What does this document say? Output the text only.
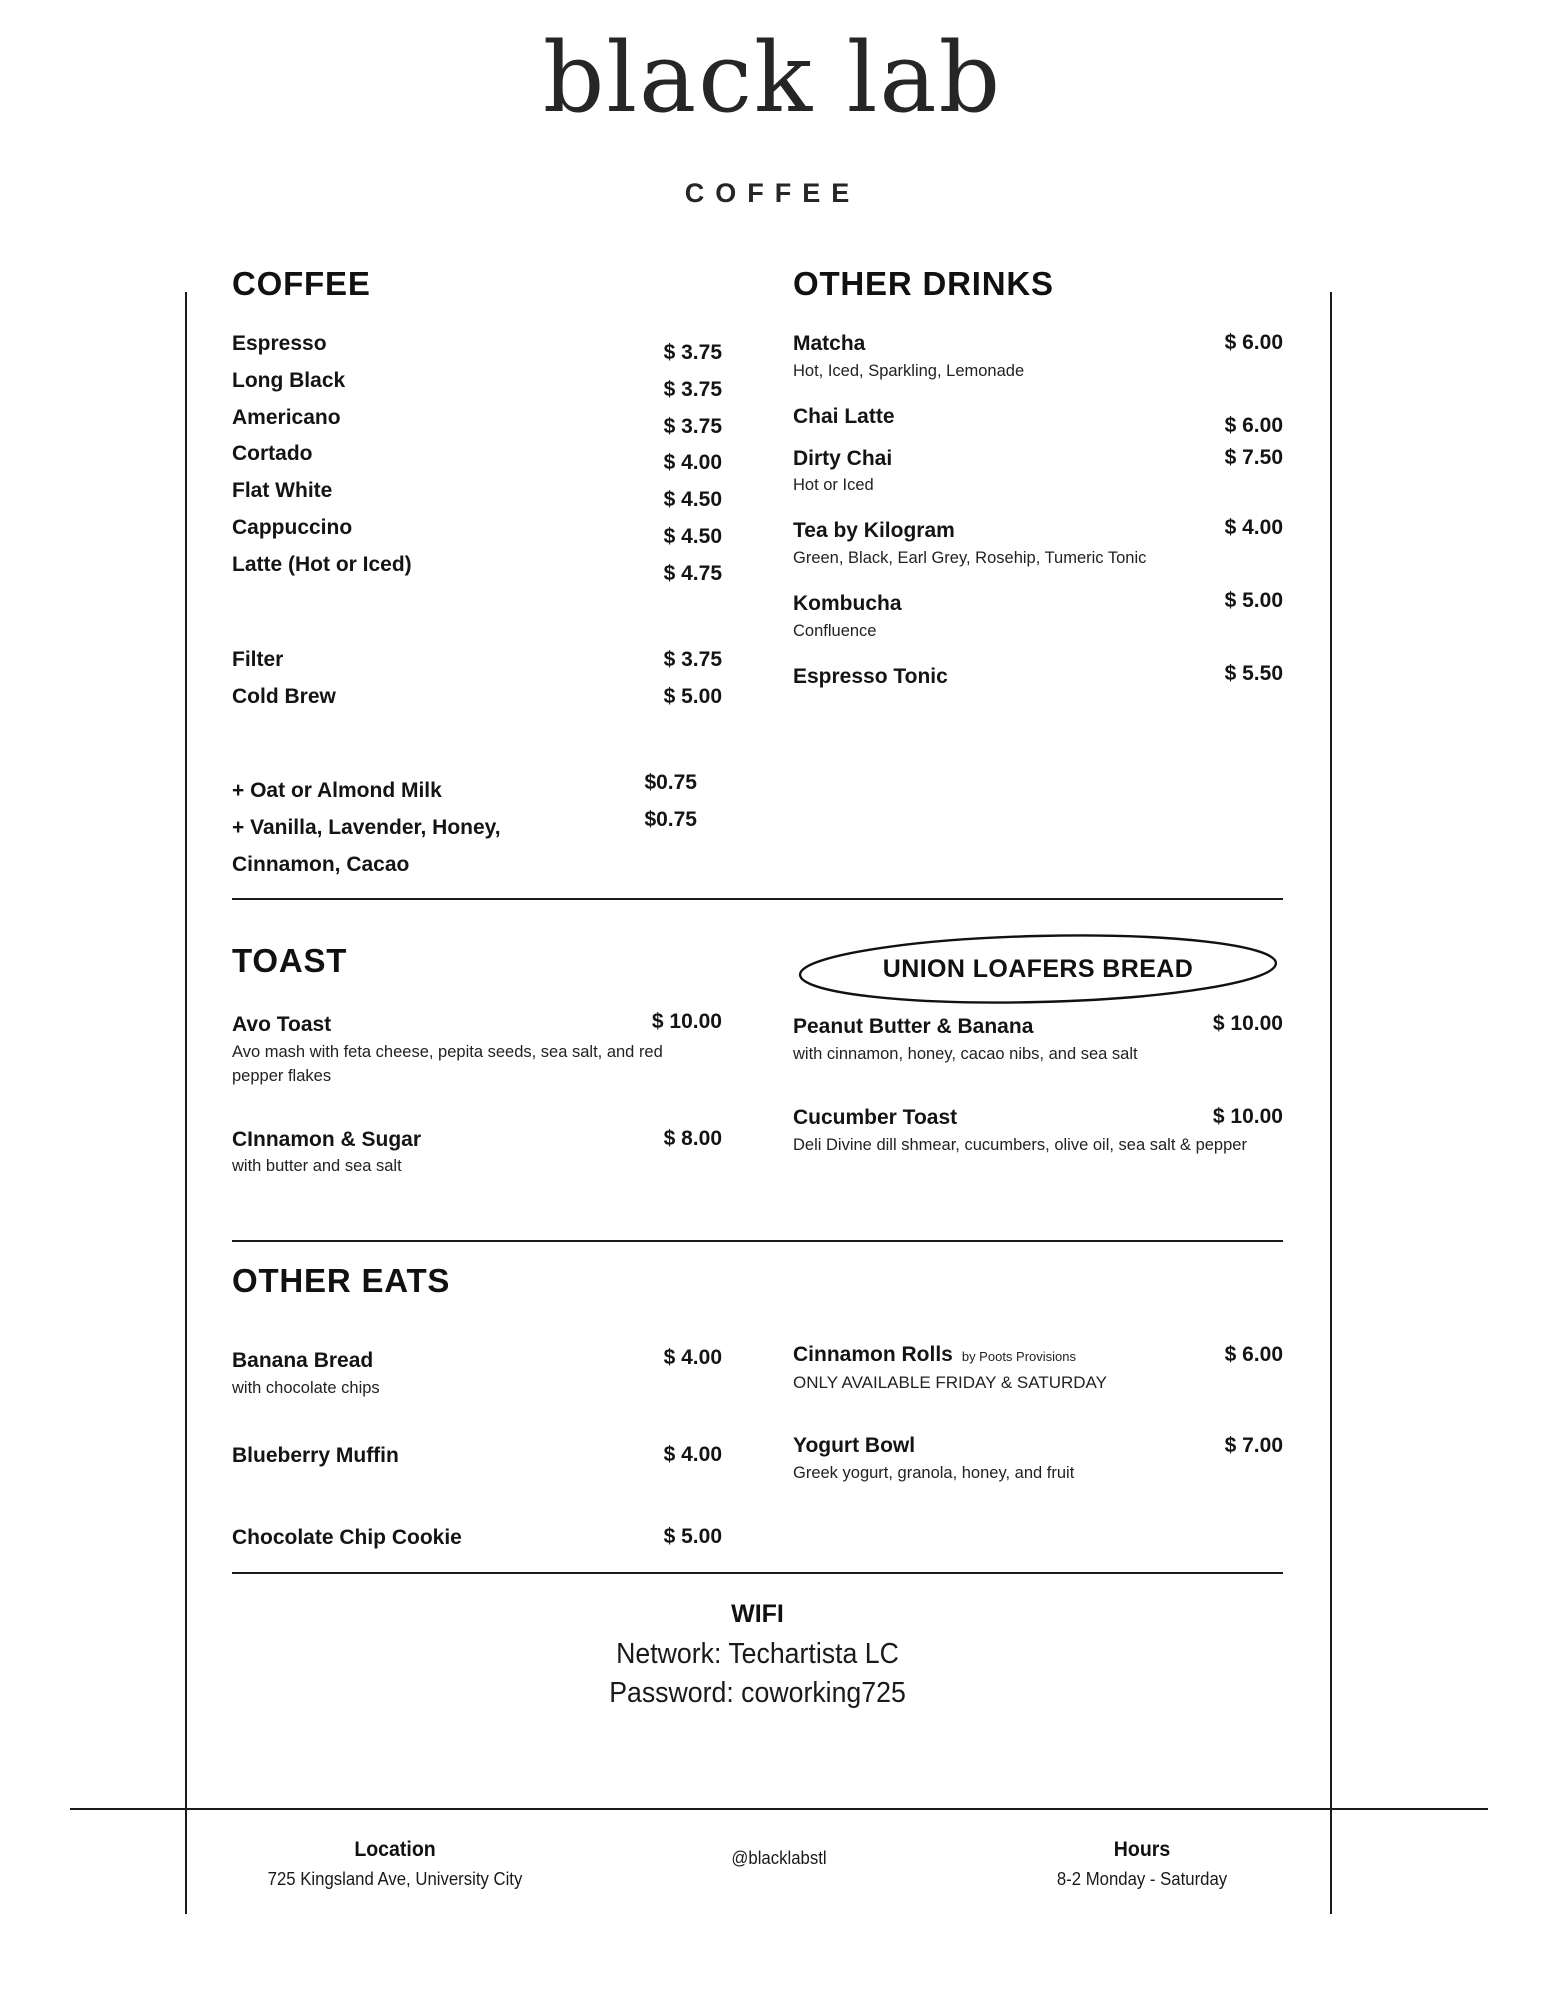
black lab
COFFEE
COFFEE
Espresso	$ 3.75
Long Black	$ 3.75
Americano	$ 3.75
Cortado	$ 4.00
Flat White	$ 4.50
Cappuccino	$ 4.50
Latte (Hot or Iced)	$ 4.75
Filter	$ 3.75
Cold Brew	$ 5.00
+ Oat or Almond Milk	$0.75
+ Vanilla, Lavender, Honey,	$0.75
Cinnamon, Cacao
OTHER DRINKS
Matcha	$ 6.00
Hot, Iced, Sparkling, Lemonade
Chai Latte	$ 6.00
Dirty Chai	$ 7.50
Hot or Iced
Tea by Kilogram	$ 4.00
Green, Black, Earl Grey, Rosehip, Tumeric Tonic
Kombucha	$ 5.00
Confluence
Espresso Tonic	$ 5.50
TOAST
Avo Toast	$ 10.00
Avo mash with feta cheese, pepita seeds, sea salt, and red pepper flakes
CInnamon & Sugar	$ 8.00
with butter and sea salt
UNION LOAFERS BREAD
Peanut Butter & Banana	$ 10.00
with cinnamon, honey, cacao nibs, and sea salt
Cucumber Toast	$ 10.00
Deli Divine dill shmear, cucumbers, olive oil, sea salt & pepper
OTHER EATS
Banana Bread	$ 4.00
with chocolate chips
Blueberry Muffin	$ 4.00
Chocolate Chip Cookie	$ 5.00
Cinnamon Rolls by Poots Provisions	$ 6.00
ONLY AVAILABLE FRIDAY & SATURDAY
Yogurt Bowl	$ 7.00
Greek yogurt, granola, honey, and fruit
WIFI
Network: Techartista LC
Password: coworking725
Location
725 Kingsland Ave, University City
@blacklabstl	Hours
8-2 Monday - Saturday
